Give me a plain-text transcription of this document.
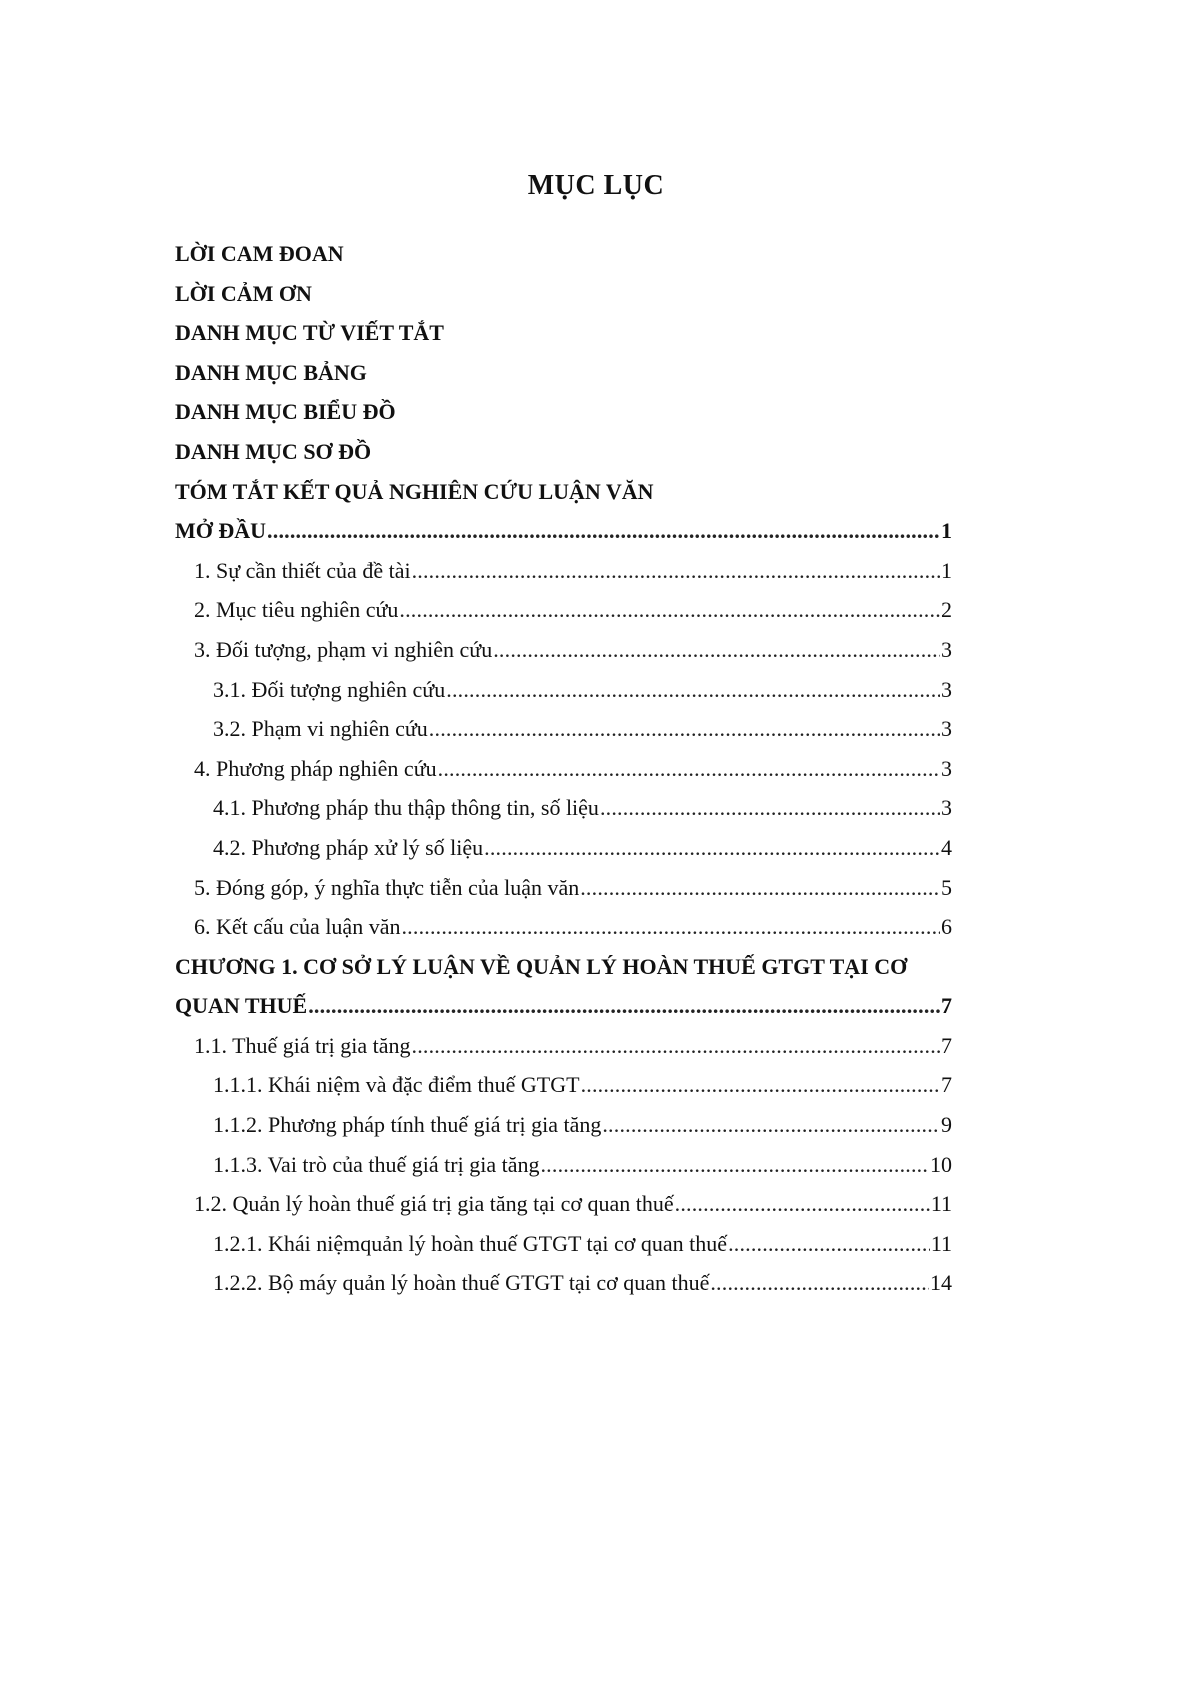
MỤC LỤC
LỜI CAM ĐOAN
LỜI CẢM ƠN
DANH MỤC TỪ VIẾT TẮT
DANH MỤC BẢNG
DANH MỤC BIỂU ĐỒ
DANH MỤC SƠ ĐỒ
TÓM TẮT KẾT QUẢ NGHIÊN CỨU LUẬN VĂN
MỞ ĐẦU .....	1
1. Sự cần thiết của đề tài .....	1
2. Mục tiêu nghiên cứu .....	2
3. Đối tượng, phạm vi nghiên cứu .....	3
3.1. Đối tượng nghiên cứu .....	3
3.2. Phạm vi nghiên cứu .....	3
4. Phương pháp nghiên cứu .....	3
4.1. Phương pháp thu thập thông tin, số liệu .....	3
4.2. Phương pháp xử lý số liệu .....	4
5. Đóng góp, ý nghĩa thực tiễn của luận văn .....	5
6. Kết cấu của luận văn .....	6
CHƯƠNG 1. CƠ SỞ LÝ LUẬN VỀ QUẢN LÝ HOÀN THUẾ GTGT TẠI CƠ
QUAN THUẾ .....	7
1.1. Thuế giá trị gia tăng .....	7
1.1.1. Khái niệm và đặc điểm thuế GTGT .....	7
1.1.2. Phương pháp tính thuế giá trị gia tăng .....	9
1.1.3. Vai trò của thuế giá trị gia tăng .....	10
1.2. Quản lý hoàn thuế giá trị gia tăng tại cơ quan thuế .....	11
1.2.1. Khái niệmquản lý hoàn thuế GTGT tại cơ quan thuế .....	11
1.2.2. Bộ máy quản lý hoàn thuế GTGT tại cơ quan thuế .....	14
